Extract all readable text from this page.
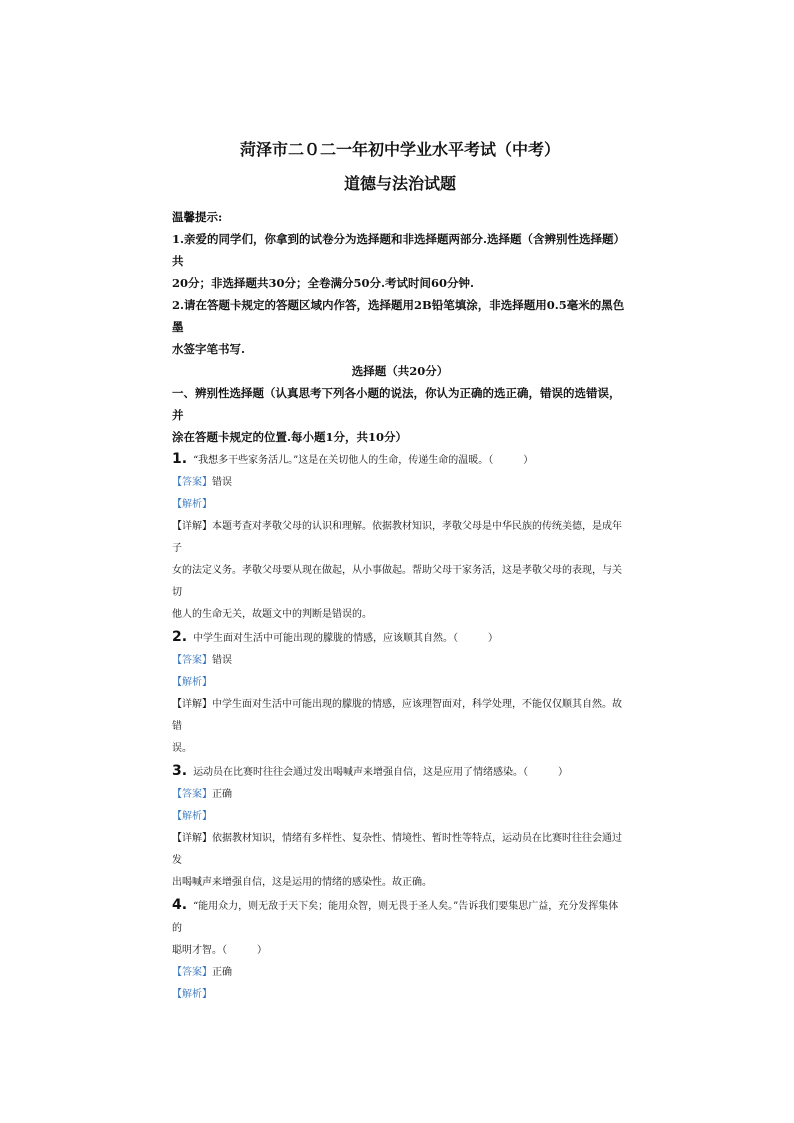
菏泽市二０二一年初中学业水平考试（中考）

道德与法治试题

温馨提示:

1.亲爱的同学们，你拿到的试卷分为选择题和非选择题两部分.选择题（含辨别性选择题）共

20分；非选择题共30分；全卷满分50分.考试时间60分钟.

2.请在答题卡规定的答题区域内作答，选择题用2B铅笔填涂，非选择题用0.5毫米的黑色墨

水签字笔书写.

选择题（共20分）

一、辨别性选择题（认真思考下列各小题的说法，你认为正确的选正确，错误的选错误，并

涂在答题卡规定的位置.每小题1分，共10分）

1. “我想多干些家务活儿。”这是在关切他人的生命，传递生命的温暖。（　　　）

【答案】错误

【解析】

【详解】本题考查对孝敬父母的认识和理解。依据教材知识，孝敬父母是中华民族的传统美德，是成年子

女的法定义务。孝敬父母要从现在做起，从小事做起。帮助父母干家务活，这是孝敬父母的表现，与关切

他人的生命无关，故题文中的判断是错误的。

2. 中学生面对生活中可能出现的朦胧的情感，应该顺其自然。（　　　）

【答案】错误

【解析】

【详解】中学生面对生活中可能出现的朦胧的情感，应该理智面对，科学处理，不能仅仅顺其自然。故错

误。

3. 运动员在比赛时往往会通过发出喝喊声来增强自信，这是应用了情绪感染。（　　　）

【答案】正确

【解析】

【详解】依据教材知识，情绪有多样性、复杂性、情境性、暂时性等特点，运动员在比赛时往往会通过发

出喝喊声来增强自信，这是运用的情绪的感染性。故正确。

4. “能用众力，则无敌于天下矣；能用众智，则无畏于圣人矣。”告诉我们要集思广益，充分发挥集体的

聪明才智。（　　　）

【答案】正确

【解析】
